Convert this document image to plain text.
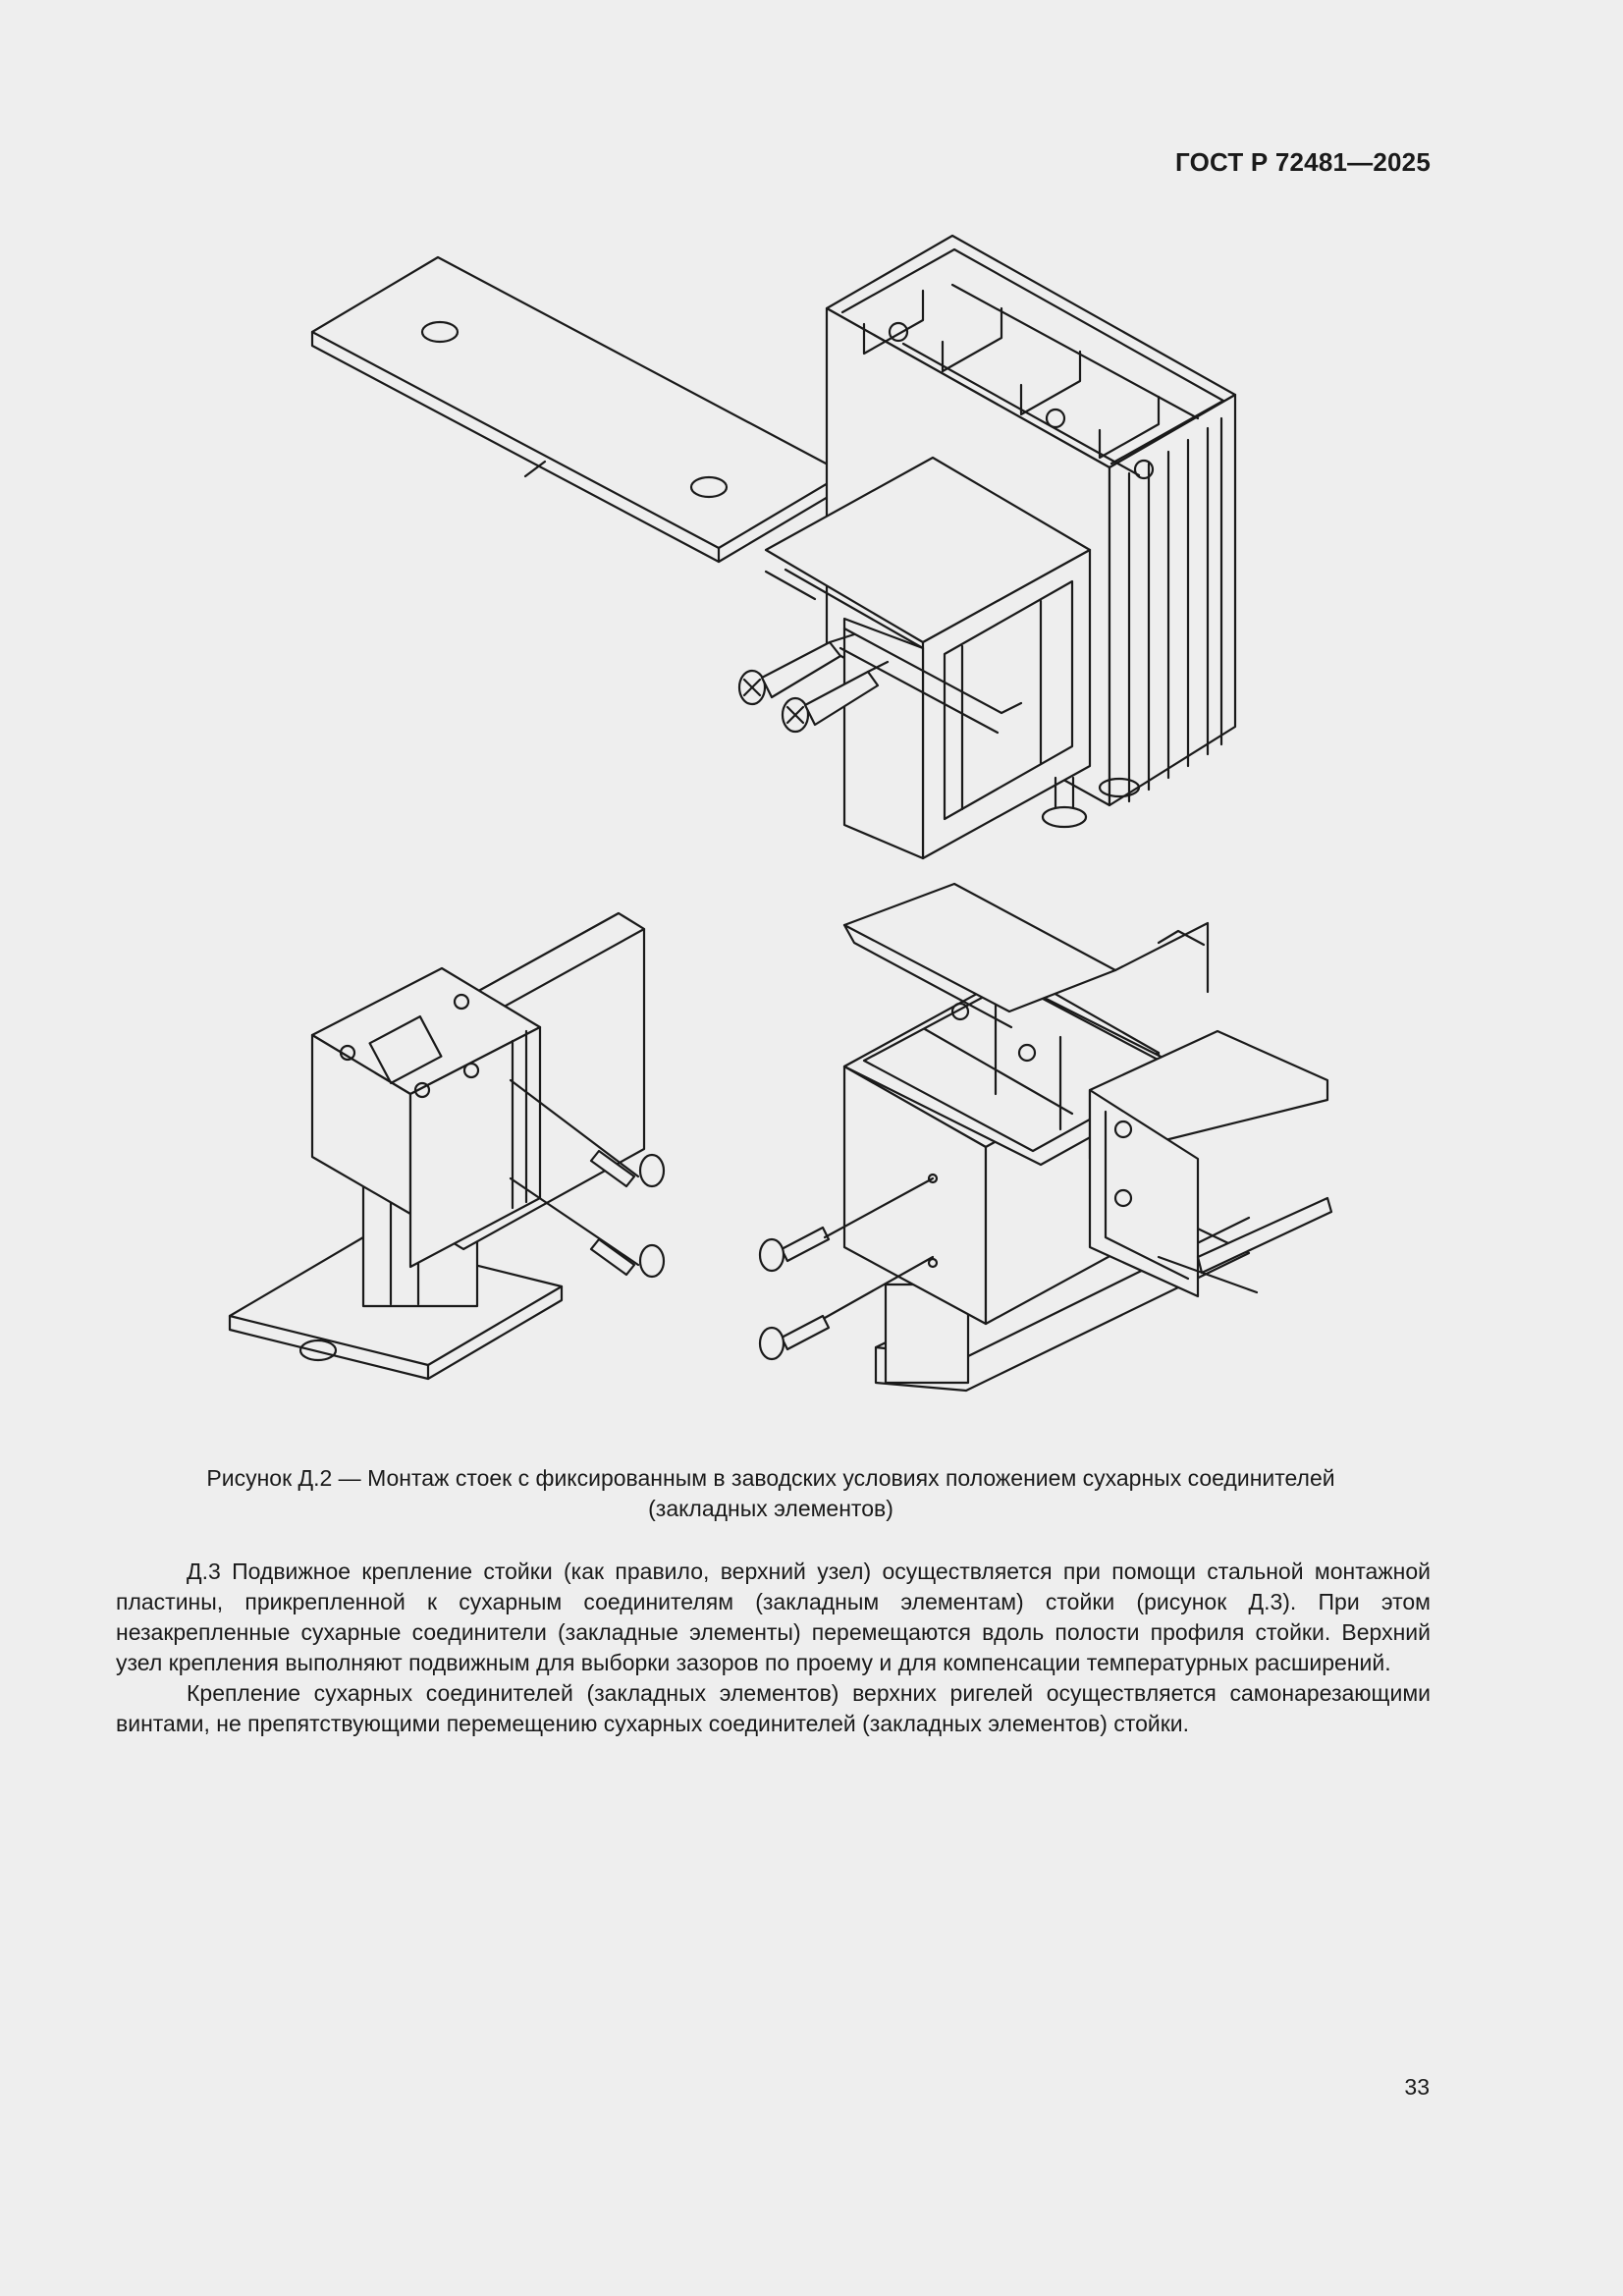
ГОСТ Р 72481—2025
Рисунок Д.2 — Монтаж стоек с фиксированным в заводских условиях положением сухарных соединителей
(закладных элементов)

Д.3 Подвижное крепление стойки (как правило, верхний узел) осуществляется при помощи стальной монтажной пластины, прикрепленной к сухарным соединителям (закладным элементам) стойки (рисунок Д.3). При этом незакрепленные сухарные соединители (закладные элементы) перемещаются вдоль полости профиля стойки. Верхний узел крепления выполняют подвижным для выборки зазоров по проему и для компенсации температурных расширений.

Крепление сухарных соединителей (закладных элементов) верхних ригелей осуществляется самонарезающими винтами, не препятствующими перемещению сухарных соединителей (закладных элементов) стойки.

33
